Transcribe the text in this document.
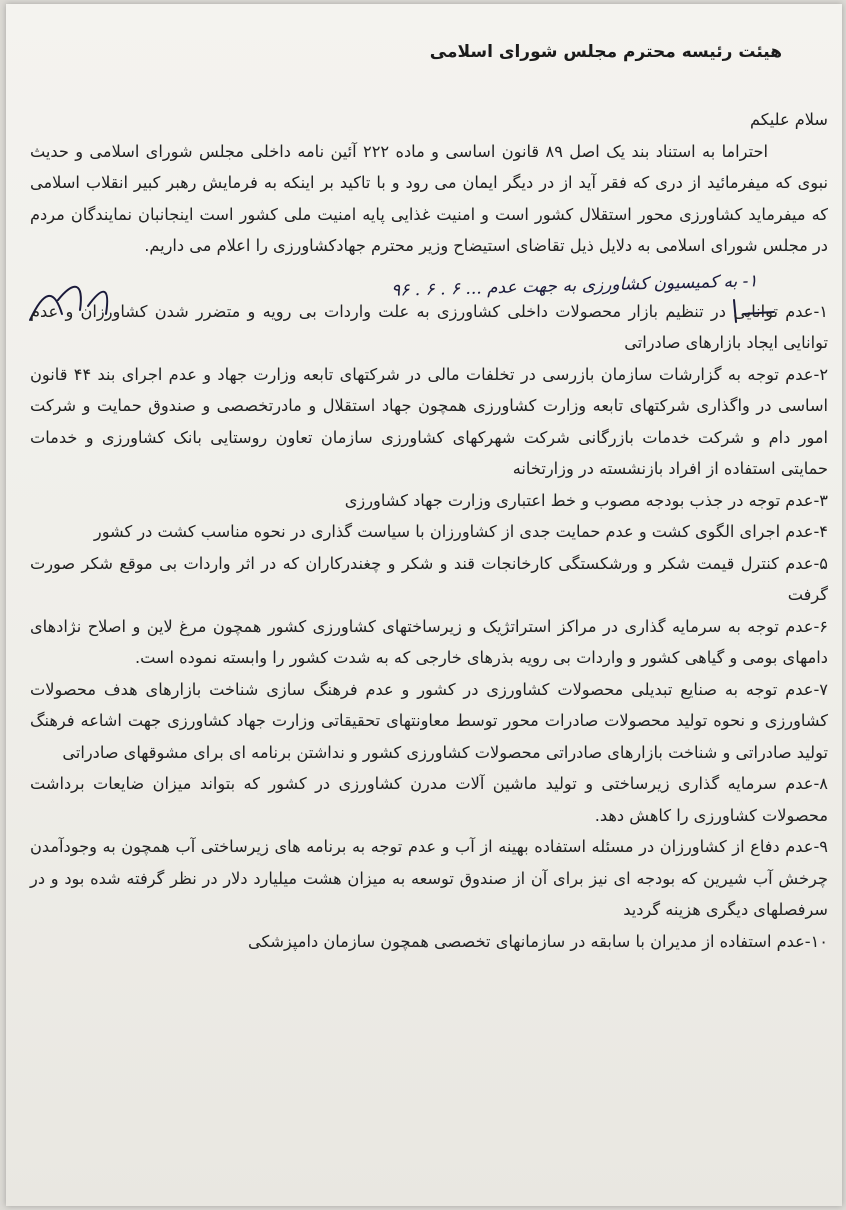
هیئت رئیسه محترم مجلس شورای اسلامی
۱- به کمیسیون کشاورزی به جهت عدم ... ۶ . ۶ . ۹۶

سلام علیکم

احتراما به استناد بند یک اصل ۸۹ قانون اساسی و ماده ۲۲۲ آئین نامه داخلی مجلس شورای اسلامی و حدیث نبوی که میفرمائید از دری که فقر آید از در دیگر ایمان می رود و با تاکید بر اینکه به فرمایش رهبر کبیر انقلاب اسلامی که میفرماید کشاورزی محور استقلال کشور است و امنیت غذایی پایه امنیت ملی کشور است اینجانبان نمایندگان مردم در مجلس شورای اسلامی به دلایل ذیل تقاضای استیضاح وزیر محترم جهادکشاورزی را اعلام می داریم.

۱-عدم توانایی در تنظیم بازار محصولات داخلی کشاورزی به علت واردات بی رویه و متضرر شدن کشاورزان و عدم توانایی ایجاد بازارهای صادراتی

۲-عدم توجه به گزارشات سازمان بازرسی در تخلفات مالی در شرکتهای تابعه وزارت جهاد و عدم اجرای بند ۴۴ قانون اساسی در واگذاری شرکتهای تابعه وزارت کشاورزی همچون جهاد استقلال و مادرتخصصی و صندوق حمایت و شرکت امور دام و شرکت خدمات بازرگانی شرکت شهرکهای کشاورزی سازمان تعاون روستایی بانک کشاورزی و خدمات حمایتی استفاده از افراد بازنشسته در وزارتخانه

۳-عدم توجه در جذب بودجه مصوب و خط اعتباری وزارت جهاد کشاورزی

۴-عدم اجرای الگوی کشت و عدم حمایت جدی از کشاورزان با سیاست گذاری در نحوه مناسب کشت در کشور

۵-عدم کنترل قیمت شکر و ورشکستگی کارخانجات قند و شکر و چغندرکاران که در اثر واردات بی موقع شکر صورت گرفت

۶-عدم توجه به سرمایه گذاری در مراکز استراتژیک و زیرساختهای کشاورزی کشور همچون مرغ لاین و اصلاح نژادهای دامهای بومی و گیاهی کشور و واردات بی رویه بذرهای خارجی که به شدت کشور را وابسته نموده است.

۷-عدم توجه به صنایع تبدیلی محصولات کشاورزی در کشور و عدم فرهنگ سازی شناخت بازارهای هدف محصولات کشاورزی و نحوه تولید محصولات صادرات محور توسط معاونتهای تحقیقاتی وزارت جهاد کشاورزی جهت اشاعه فرهنگ تولید صادراتی و شناخت بازارهای صادراتی محصولات کشاورزی کشور و نداشتن برنامه ای برای مشوقهای صادراتی

۸-عدم سرمایه گذاری زیرساختی و تولید ماشین آلات مدرن کشاورزی در کشور که بتواند میزان ضایعات برداشت محصولات کشاورزی را کاهش دهد.

۹-عدم دفاع از کشاورزان در مسئله استفاده بهینه از آب و عدم توجه به برنامه های زیرساختی آب همچون به وجودآمدن چرخش آب شیرین که بودجه ای نیز برای آن از صندوق توسعه به میزان هشت میلیارد دلار در نظر گرفته شده بود و در سرفصلهای دیگری هزینه گردید

۱۰-عدم استفاده از مدیران با سابقه در سازمانهای تخصصی همچون سازمان دامپزشکی
